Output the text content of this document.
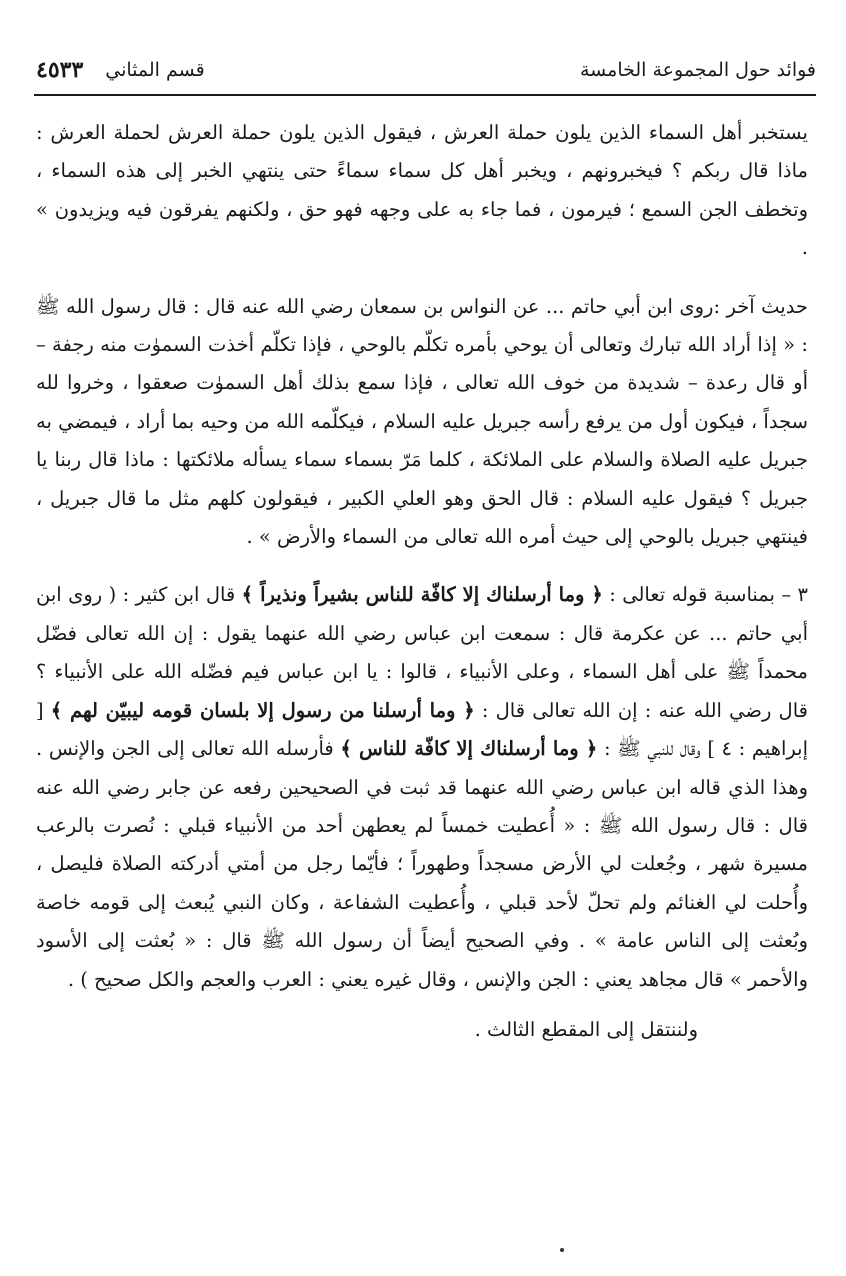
فوائد حول المجموعة الخامسة
قسم المثاني
٤٥٣٣

يستخبر أهل السماء الذين يلون حملة العرش ، فيقول الذين يلون حملة العرش لحملة العرش : ماذا قال ربكم ؟ فيخبرونهم ، ويخبر أهل كل سماء سماءً حتى ينتهي الخبر إلى هذه السماء ، وتخطف الجن السمع ؛ فيرمون ، فما جاء به على وجهه فهو حق ، ولكنهم يفرقون فيه ويزيدون » .

حديث آخر :روى ابن أبي حاتم ... عن النواس بن سمعان رضي الله عنه قال : قال رسول الله ﷺ : « إذا أراد الله تبارك وتعالى أن يوحي بأمره تكلّم بالوحي ، فإذا تكلّم أخذت السموٰت منه رجفة – أو قال رعدة – شديدة من خوف الله تعالى ، فإذا سمع بذلك أهل السموٰت صعقوا ، وخروا لله سجداً ، فيكون أول من يرفع رأسه جبريل عليه السلام ، فيكلّمه الله من وحيه بما أراد ، فيمضي به جبريل عليه الصلاة والسلام على الملائكة ، كلما مَرّ بسماء سماء يسأله ملائكتها : ماذا قال ربنا يا جبريل ؟ فيقول عليه السلام : قال الحق وهو العلي الكبير ، فيقولون كلهم مثل ما قال جبريل ، فينتهي جبريل بالوحي إلى حيث أمره الله تعالى من السماء والأرض » .

٣ – بمناسبة قوله تعالى : ﴿ وما أرسلناك إلا كافّة للناس بشيراً ونذيراً ﴾ قال ابن كثير : ( روى ابن أبي حاتم ... عن عكرمة قال : سمعت ابن عباس رضي الله عنهما يقول : إن الله تعالى فضّل محمداً ﷺ على أهل السماء ، وعلى الأنبياء ، قالوا : يا ابن عباس فيم فضّله الله على الأنبياء ؟ قال رضي الله عنه : إن الله تعالى قال : ﴿ وما أرسلنا من رسول إلا بلسان قومه ليبيّن لهم ﴾ [ إبراهيم : ٤ ] وقال للنبي ﷺ : ﴿ وما أرسلناك إلا كافّة للناس ﴾ فأرسله الله تعالى إلى الجن والإنس . وهذا الذي قاله ابن عباس رضي الله عنهما قد ثبت في الصحيحين رفعه عن جابر رضي الله عنه قال : قال رسول الله ﷺ : « أُعطيت خمساً لم يعطهن أحد من الأنبياء قبلي : نُصرت بالرعب مسيرة شهر ، وجُعلت لي الأرض مسجداً وطهوراً ؛ فأيّما رجل من أمتي أدركته الصلاة فليصل ، وأُحلت لي الغنائم ولم تحلّ لأحد قبلي ، وأُعطيت الشفاعة ، وكان النبي يُبعث إلى قومه خاصة وبُعثت إلى الناس عامة » . وفي الصحيح أيضاً أن رسول الله ﷺ قال : « بُعثت إلى الأسود والأحمر » قال مجاهد يعني : الجن والإنس ، وقال غيره يعني : العرب والعجم والكل صحيح ) .

ولننتقل إلى المقطع الثالث .
